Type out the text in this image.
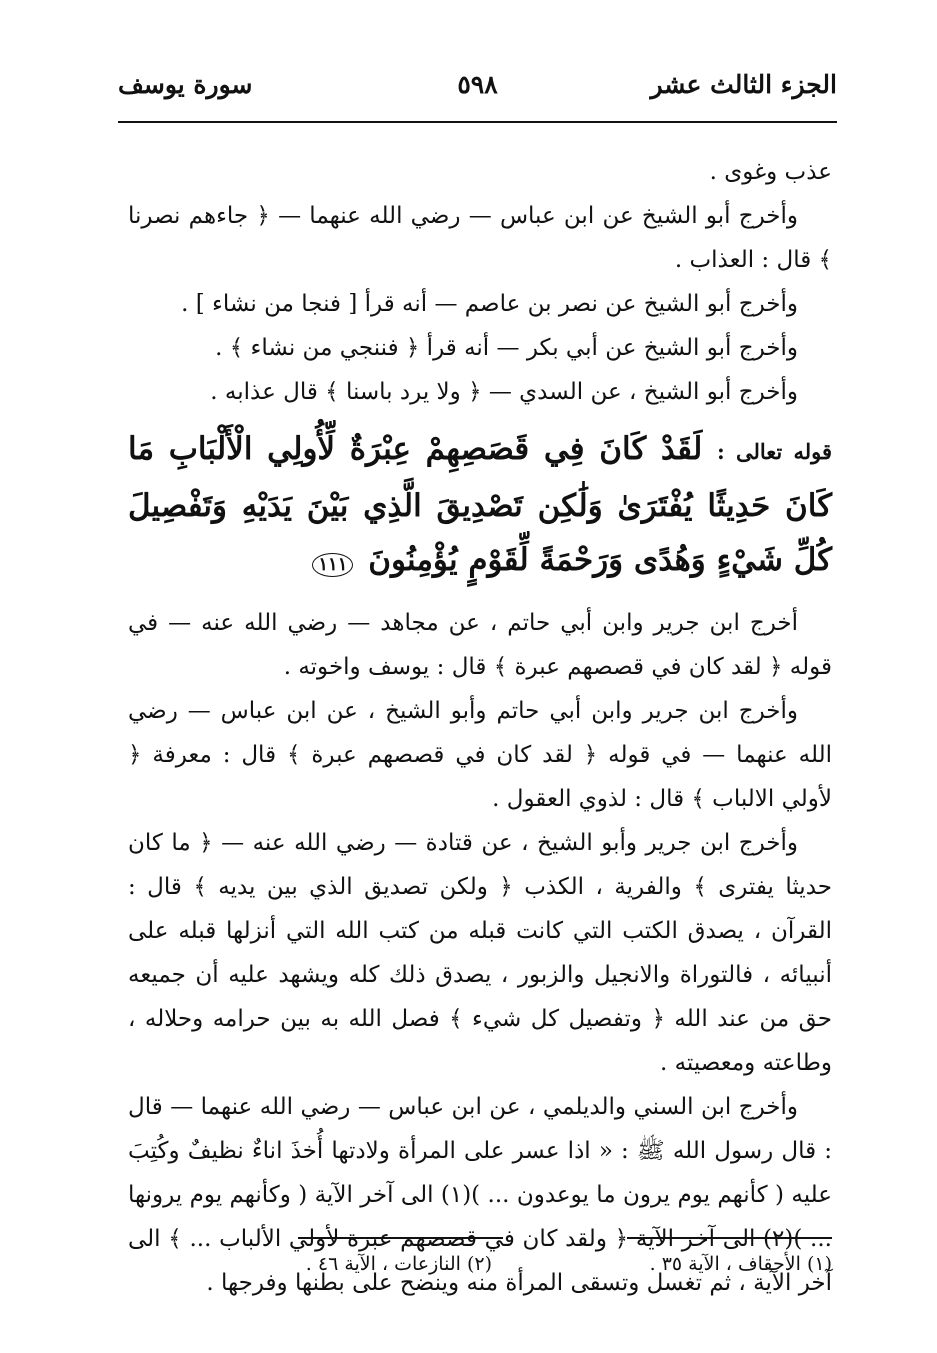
الجزء الثالث عشر
٥٩٨
سورة يوسف

عذب وغوى .

وأخرج أبو الشيخ عن ابن عباس — رضي الله عنهما — ﴿ جاءهم نصرنا ﴾ قال : العذاب .

وأخرج أبو الشيخ عن نصر بن عاصم — أنه قرأ [ فنجا من نشاء ] .

وأخرج أبو الشيخ عن أبي بكر — أنه قرأ ﴿ فننجي من نشاء ﴾ .

وأخرج أبو الشيخ ، عن السدي — ﴿ ولا يرد باسنا ﴾ قال عذابه .

قوله تعالى : لَقَدْ كَانَ فِي قَصَصِهِمْ عِبْرَةٌ لِّأُولِي الْأَلْبَابِ مَا كَانَ حَدِيثًا يُفْتَرَىٰ وَلَٰكِن تَصْدِيقَ الَّذِي بَيْنَ يَدَيْهِ وَتَفْصِيلَ كُلِّ شَيْءٍ وَهُدًى وَرَحْمَةً لِّقَوْمٍ يُؤْمِنُونَ ١١١

أخرج ابن جرير وابن أبي حاتم ، عن مجاهد — رضي الله عنه — في قوله ﴿ لقد كان في قصصهم عبرة ﴾ قال : يوسف واخوته .

وأخرج ابن جرير وابن أبي حاتم وأبو الشيخ ، عن ابن عباس — رضي الله عنهما — في قوله ﴿ لقد كان في قصصهم عبرة ﴾ قال : معرفة ﴿ لأولي الالباب ﴾ قال : لذوي العقول .

وأخرج ابن جرير وأبو الشيخ ، عن قتادة — رضي الله عنه — ﴿ ما كان حديثا يفترى ﴾ والفرية ، الكذب ﴿ ولكن تصديق الذي بين يديه ﴾ قال : القرآن ، يصدق الكتب التي كانت قبله من كتب الله التي أنزلها قبله على أنبيائه ، فالتوراة والانجيل والزبور ، يصدق ذلك كله ويشهد عليه أن جميعه حق من عند الله ﴿ وتفصيل كل شيء ﴾ فصل الله به بين حرامه وحلاله ، وطاعته ومعصيته .

وأخرج ابن السني والديلمي ، عن ابن عباس — رضي الله عنهما — قال : قال رسول الله ﷺ : « اذا عسر على المرأة ولادتها أُخذَ اناءٌ نظيفٌ وكُتِبَ عليه ( كأنهم يوم يرون ما يوعدون ... )(١) الى آخر الآية ( وكأنهم يوم يرونها ... )(٢) الى آخر الآية ﴿ ولقد كان في قصصهم عبرة لأولي الألباب ... ﴾ الى آخر الآية ، ثم تغسل وتسقى المرأة منه وينضح على بطنها وفرجها .

(١) الأحقاف ، الآية ٣٥ .
(٢) النازعات ، الآية ٤٦ .
